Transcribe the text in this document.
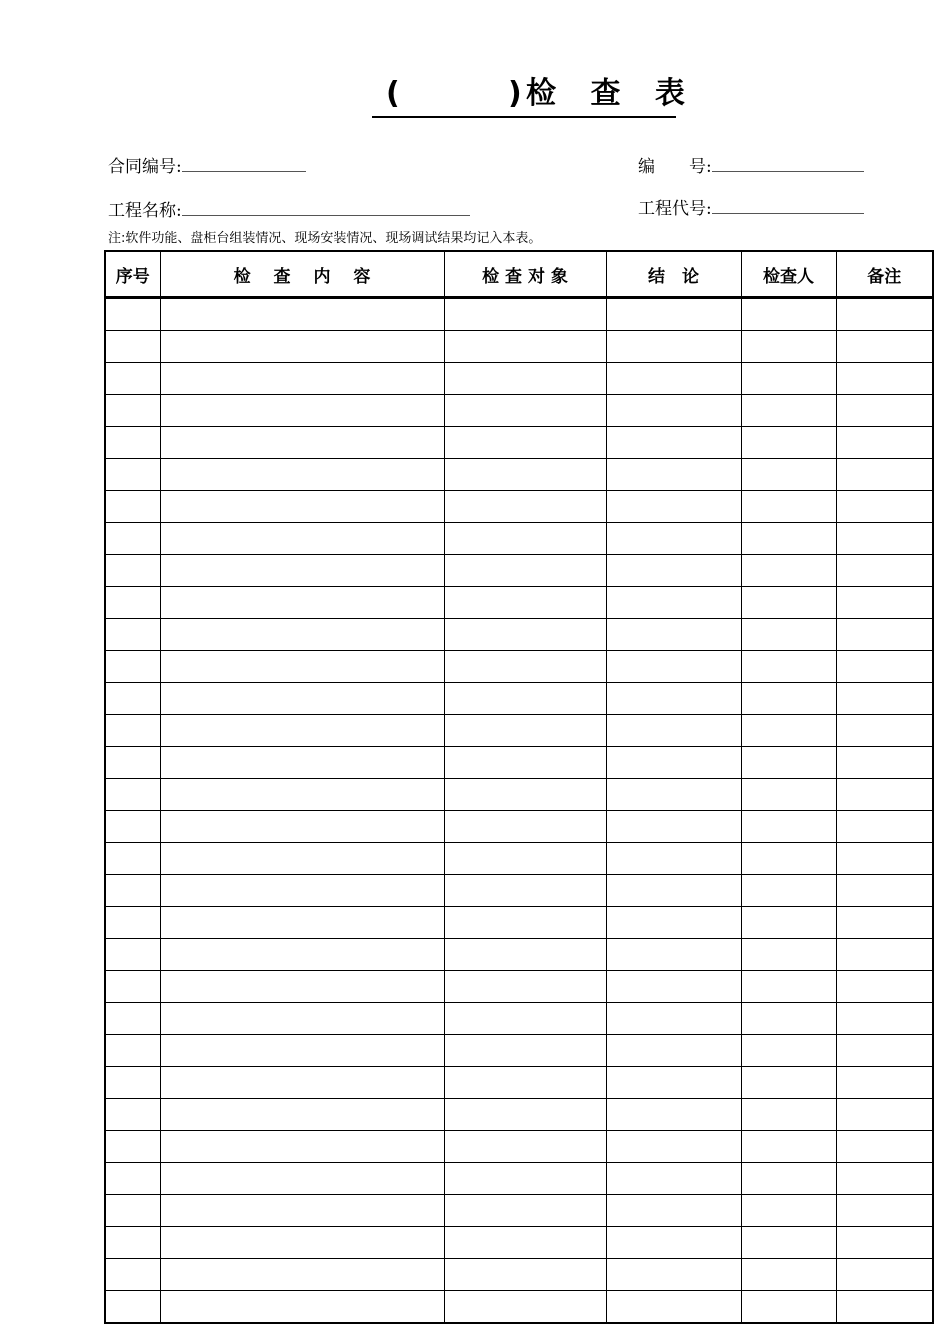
(

	)

检 查 表

合同编号:	编　　号:
工程名称:	工程代号:
注:软件功能、盘柜台组装情况、现场安装情况、现场调试结果均记入本表。
序号	检　 查　 内　 容	检 查 对 象	结　论	检查人	备注
